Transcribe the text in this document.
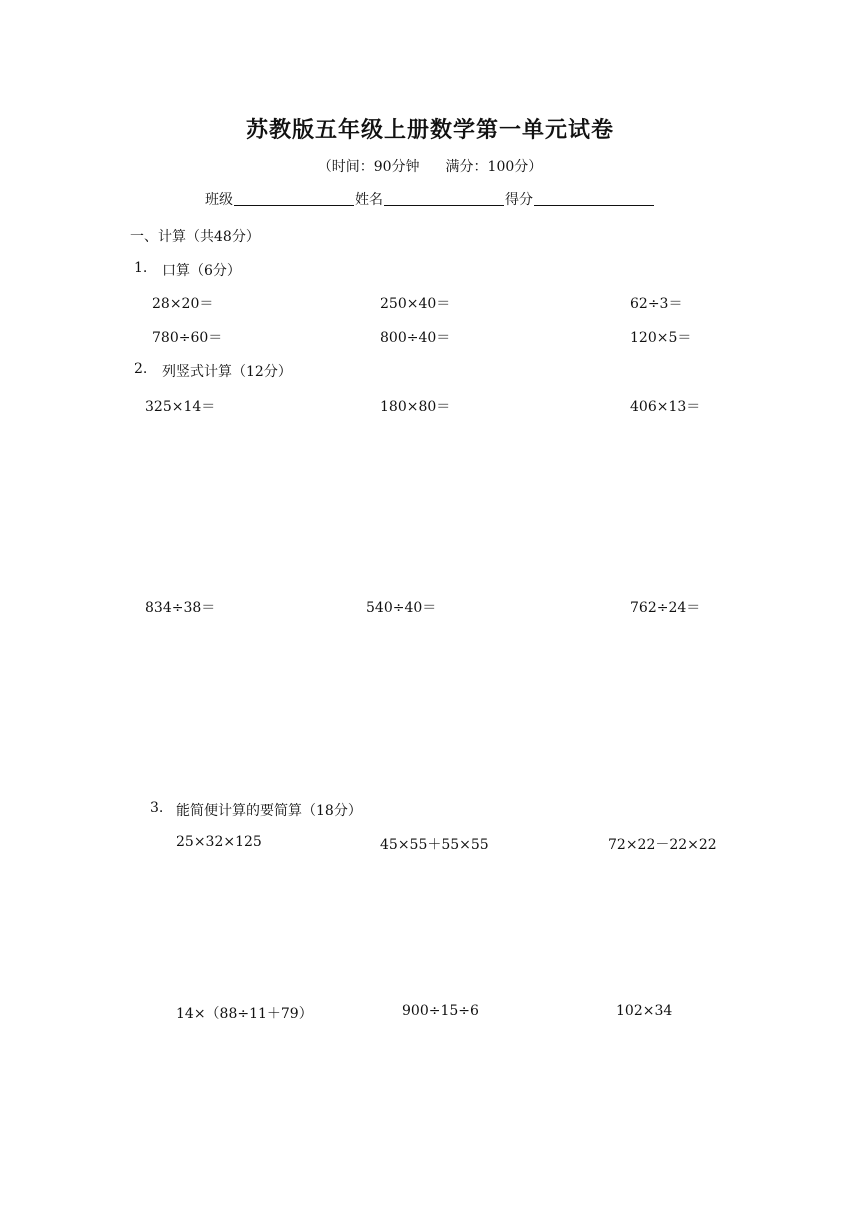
苏教版五年级上册数学第一单元试卷
（时间：90分钟 满分：100分）
班级	姓名	得分
一、计算（共48分）
1. 口算（6分）
28×20＝	250×40＝	62÷3＝
780÷60＝	800÷40＝	120×5＝
2. 列竖式计算（12分）
325×14＝	180×80＝	406×13＝
834÷38＝	540÷40＝	762÷24＝
3. 能简便计算的要简算（18分）
25×32×125	45×55＋55×55	72×22－22×22
14×（88÷11＋79）	900÷15÷6	102×34
